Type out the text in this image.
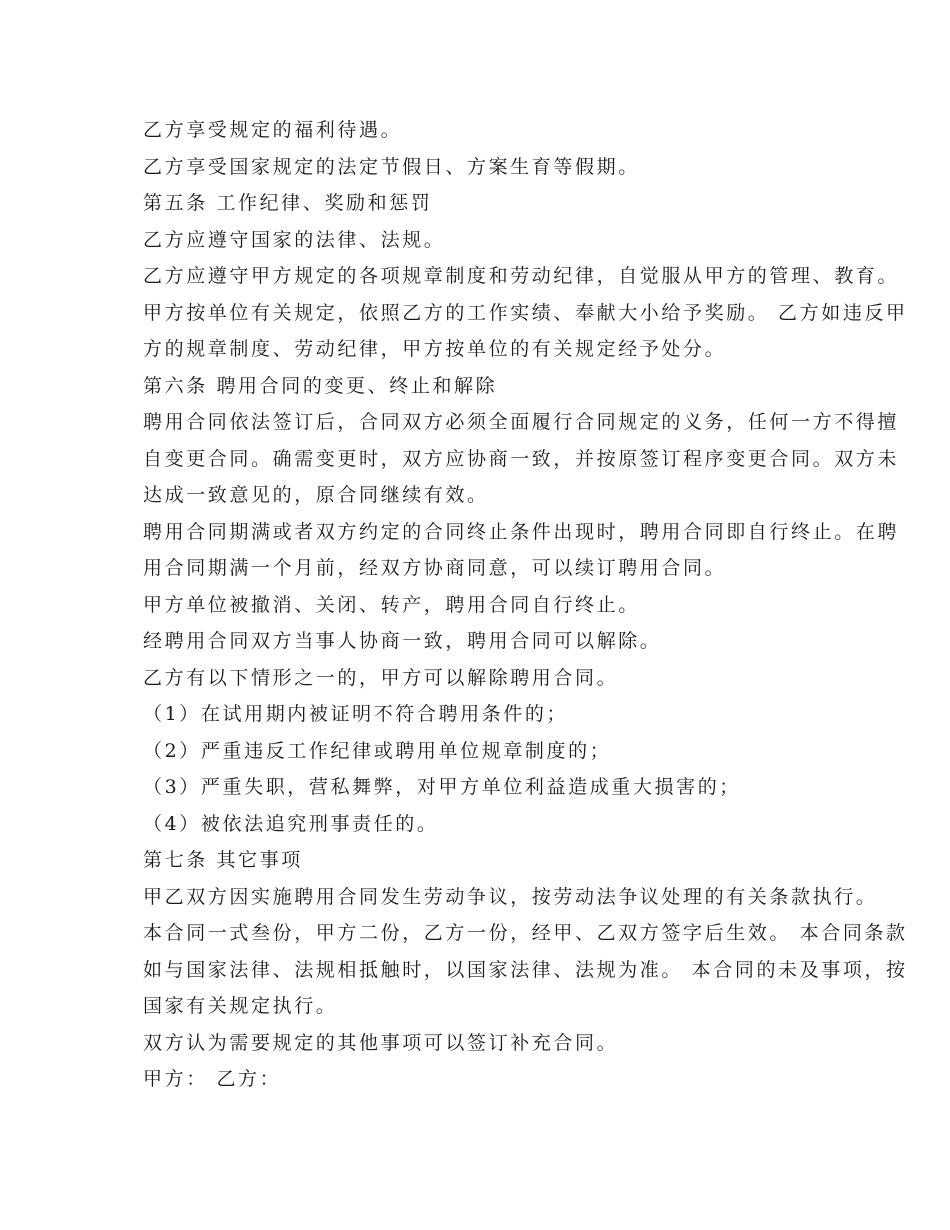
乙方享受规定的福利待遇。
乙方享受国家规定的法定节假日、方案生育等假期。
第五条 工作纪律、奖励和惩罚
乙方应遵守国家的法律、法规。
乙方应遵守甲方规定的各项规章制度和劳动纪律，自觉服从甲方的管理、教育。
甲方按单位有关规定，依照乙方的工作实绩、奉献大小给予奖励。 乙方如违反甲
方的规章制度、劳动纪律，甲方按单位的有关规定经予处分。
第六条 聘用合同的变更、终止和解除
聘用合同依法签订后，合同双方必须全面履行合同规定的义务，任何一方不得擅
自变更合同。确需变更时，双方应协商一致，并按原签订程序变更合同。双方未
达成一致意见的，原合同继续有效。
聘用合同期满或者双方约定的合同终止条件出现时，聘用合同即自行终止。在聘
用合同期满一个月前，经双方协商同意，可以续订聘用合同。
甲方单位被撤消、关闭、转产，聘用合同自行终止。
经聘用合同双方当事人协商一致，聘用合同可以解除。
乙方有以下情形之一的，甲方可以解除聘用合同。
（1）在试用期内被证明不符合聘用条件的；
（2）严重违反工作纪律或聘用单位规章制度的；
（3）严重失职，营私舞弊，对甲方单位利益造成重大损害的；
（4）被依法追究刑事责任的。
第七条 其它事项
甲乙双方因实施聘用合同发生劳动争议，按劳动法争议处理的有关条款执行。
本合同一式叁份，甲方二份，乙方一份，经甲、乙双方签字后生效。 本合同条款
如与国家法律、法规相抵触时，以国家法律、法规为准。 本合同的未及事项，按
国家有关规定执行。
双方认为需要规定的其他事项可以签订补充合同。
甲方： 乙方：
